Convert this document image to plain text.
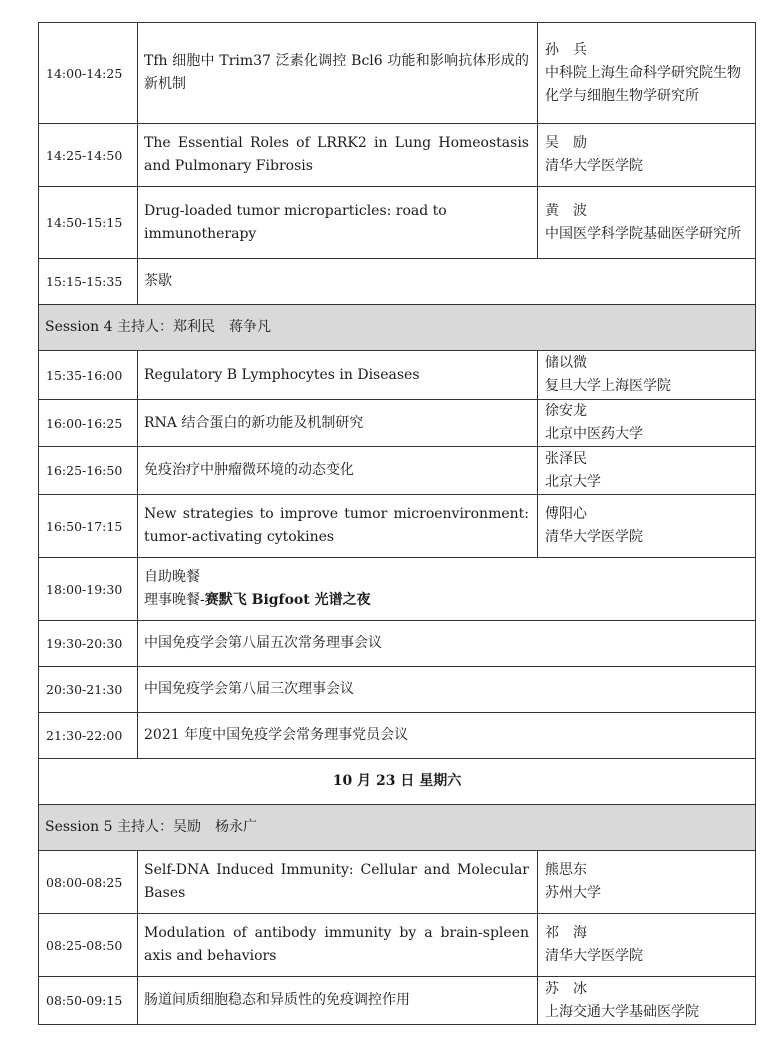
14:00-14:25	Tfh 细胞中 Trim37 泛素化调控 Bcl6 功能和影响抗体形成的新机制	孙　兵
中科院上海生命科学研究院生物化学与细胞生物学研究所

14:25-14:50	The Essential Roles of LRRK2 in Lung Homeostasis and Pulmonary Fibrosis	吴　励
清华大学医学院

14:50-15:15	Drug-loaded tumor microparticles: road to immunotherapy	黄　波
中国医学科学院基础医学研究所

15:15-15:35	茶歇	
Session 4 主持人：郑利民　蒋争凡		
15:35-16:00	Regulatory B Lymphocytes in Diseases	储以微
复旦大学上海医学院

16:00-16:25	RNA 结合蛋白的新功能及机制研究	徐安龙
北京中医药大学

16:25-16:50	免疫治疗中肿瘤微环境的动态变化	张泽民
北京大学

16:50-17:15	New strategies to improve tumor microenvironment: tumor-activating cytokines	傅阳心
清华大学医学院

18:00-19:30	自助晚餐
理事晚餐-赛默飞 Bigfoot 光谱之夜	

19:30-20:30	中国免疫学会第八届五次常务理事会议	
20:30-21:30	中国免疫学会第八届三次理事会议	
21:30-22:00	2021 年度中国免疫学会常务理事党员会议	
10 月 23 日 星期六		
Session 5 主持人：吴励　杨永广		
08:00-08:25	Self-DNA Induced Immunity: Cellular and Molecular Bases	熊思东
苏州大学

08:25-08:50	Modulation of antibody immunity by a brain-spleen axis and behaviors	祁　海
清华大学医学院

08:50-09:15	肠道间质细胞稳态和异质性的免疫调控作用	苏　冰
上海交通大学基础医学院
